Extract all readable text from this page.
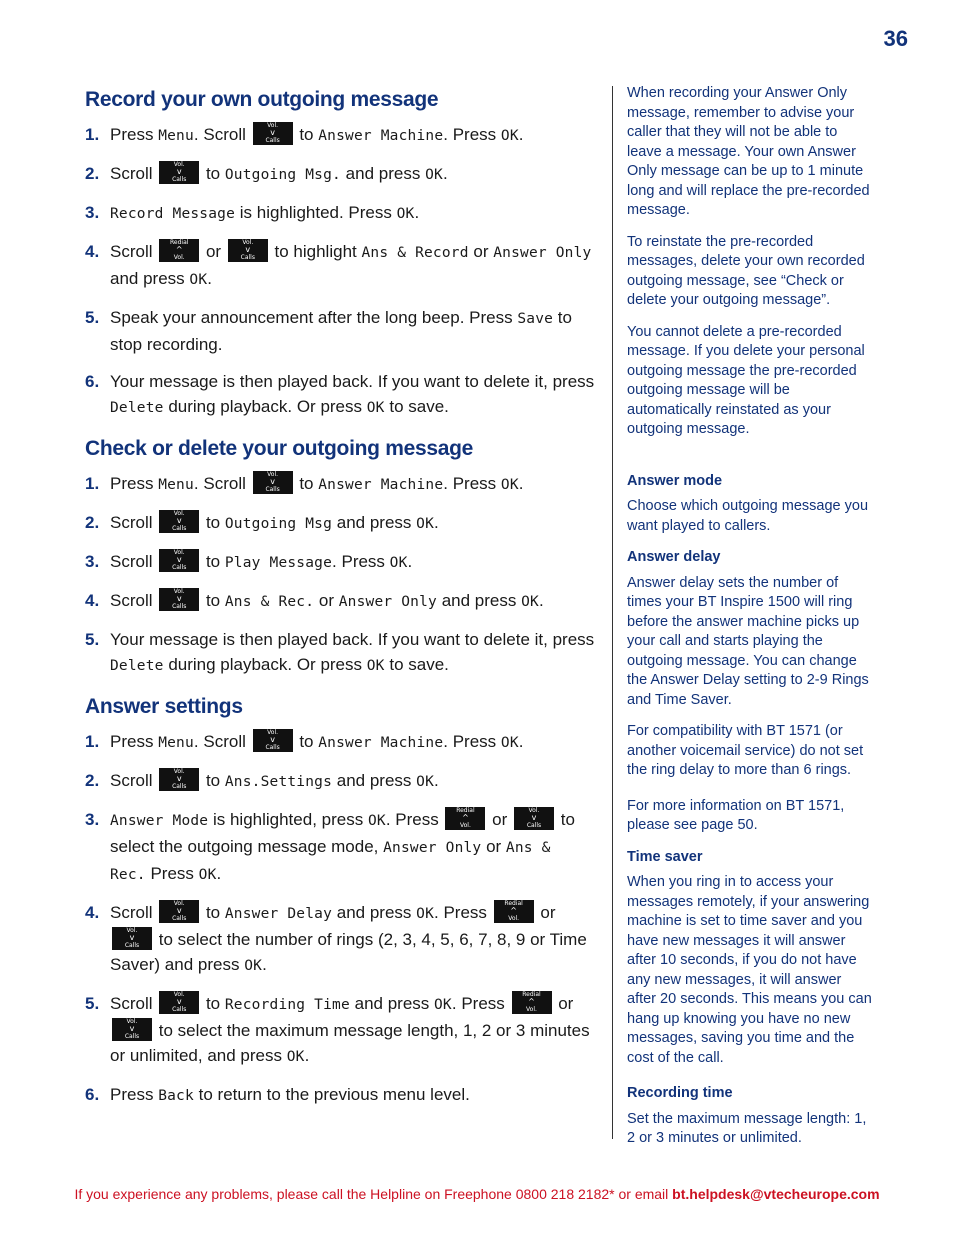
36
Record your own outgoing message
1. Press Menu. Scroll	Vol.
v
Calls to Answer Machine. Press OK.
2. Scroll	Vol.
v
Calls to Outgoing Msg. and press OK.
3. Record Message is highlighted. Press OK.
4. Scroll	Redial
^
Vol. or	Vol.
v
Calls to highlight Ans & Record or Answer Only and press OK.
5. Speak your announcement after the long beep. Press Save to stop recording.
6. Your message is then played back. If you want to delete it, press Delete during playback. Or press OK to save.
Check or delete your outgoing message
1. Press Menu. Scroll	Vol.
v
Calls to Answer Machine. Press OK.
2. Scroll	Vol.
v
Calls to Outgoing Msg and press OK.
3. Scroll	Vol.
v
Calls to Play Message. Press OK.
4. Scroll	Vol.
v
Calls to Ans & Rec. or Answer Only and press OK.
5. Your message is then played back. If you want to delete it, press Delete during playback. Or press OK to save.
Answer settings
1. Press Menu. Scroll	Vol.
v
Calls to Answer Machine. Press OK.
2. Scroll	Vol.
v
Calls to Ans.Settings and press OK.
3. Answer Mode is highlighted, press OK. Press	Redial
^
Vol. or	Vol.
v
Calls to select the outgoing message mode, Answer Only or Ans & Rec. Press OK.
4. Scroll	Vol.
v
Calls to Answer Delay and press OK. Press	Redial
^
Vol. or
Vol.
v
Calls to select the number of rings (2, 3, 4, 5, 6, 7, 8, 9 or Time Saver) and press OK.
5. Scroll	Vol.
v
Calls to Recording Time and press OK. Press	Redial
^
Vol. or
Vol.
v
Calls to select the maximum message length, 1, 2 or 3 minutes or unlimited, and press OK.
6. Press Back to return to the previous menu level.

When recording your Answer Only message, remember to advise your caller that they will not be able to leave a message. Your own Answer Only message can be up to 1 minute long and will replace the pre-recorded message.

To reinstate the pre-recorded messages, delete your own recorded outgoing message, see “Check or delete your outgoing message”.

You cannot delete a pre-recorded message. If you delete your personal outgoing message the pre-recorded outgoing message will be automatically reinstated as your outgoing message.

Answer mode

Choose which outgoing message you want played to callers.

Answer delay

Answer delay sets the number of times your BT Inspire 1500 will ring before the answer machine picks up your call and starts playing the outgoing message. You can change the Answer Delay setting to 2-9 Rings and Time Saver.

For compatibility with BT 1571 (or another voicemail service) do not set the ring delay to more than 6 rings.

For more information on BT 1571, please see page 50.

Time saver

When you ring in to access your messages remotely, if your answering machine is set to time saver and you have new messages it will answer after 10 seconds, if you do not have any new messages, it will answer after 20 seconds. This means you can hang up knowing you have no new messages, saving you time and the cost of the call.

Recording time

Set the maximum message length: 1, 2 or 3 minutes or unlimited.

If you experience any problems, please call the Helpline on Freephone 0800 218 2182* or email bt.helpdesk@vtecheurope.com
